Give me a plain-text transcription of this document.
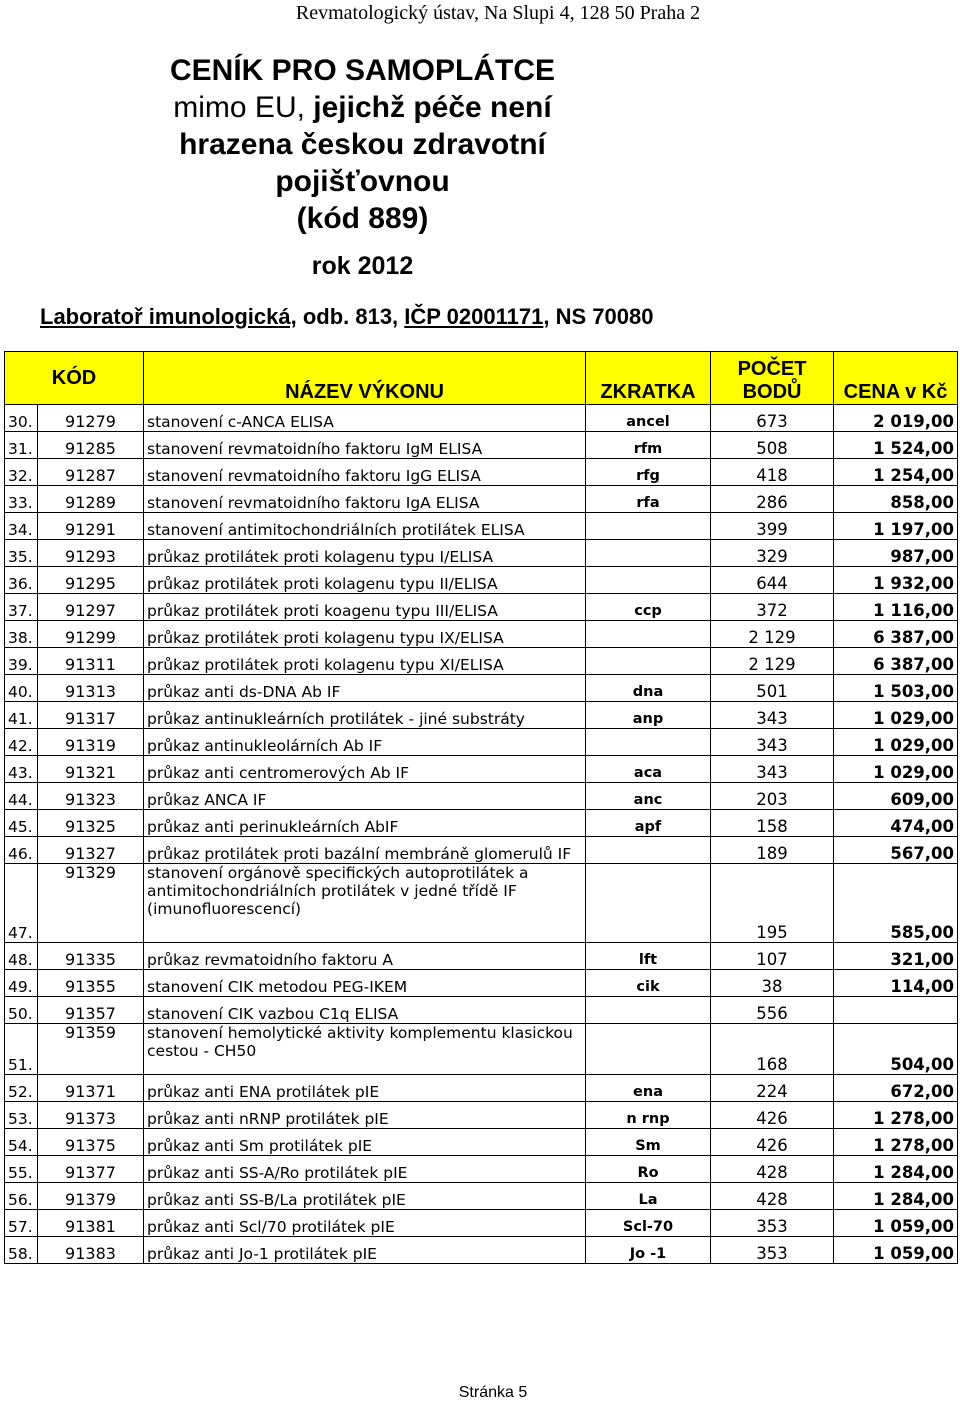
Revmatologický ústav, Na Slupi 4, 128 50 Praha 2
CENÍK PRO SAMOPLÁTCE
mimo EU, jejichž péče není
hrazena českou zdravotní
pojišťovnou
(kód 889)
rok 2012
Laboratoř imunologická, odb. 813, IČP 02001171, NS 70080
KÓD		NÁZEV VÝKONU	ZKRATKA	POČET BODŮ	CENA v Kč
30.	91279	stanovení c-ANCA ELISA	ancel	673	2 019,00
31.	91285	stanovení revmatoidního faktoru IgM ELISA	rfm	508	1 524,00
32.	91287	stanovení revmatoidního faktoru IgG ELISA	rfg	418	1 254,00
33.	91289	stanovení revmatoidního faktoru IgA ELISA	rfa	286	858,00
34.	91291	stanovení antimitochondriálních protilátek ELISA		399	1 197,00
35.	91293	průkaz protilátek proti kolagenu typu I/ELISA		329	987,00
36.	91295	průkaz protilátek proti kolagenu typu II/ELISA		644	1 932,00
37.	91297	průkaz protilátek proti koagenu typu III/ELISA	ccp	372	1 116,00
38.	91299	průkaz protilátek proti kolagenu typu IX/ELISA		2 129	6 387,00
39.	91311	průkaz protilátek proti kolagenu typu XI/ELISA		2 129	6 387,00
40.	91313	průkaz anti ds-DNA Ab IF	dna	501	1 503,00
41.	91317	průkaz antinukleárních protilátek - jiné substráty	anp	343	1 029,00
42.	91319	průkaz antinukleolárních Ab IF		343	1 029,00
43.	91321	průkaz anti centromerových Ab IF	aca	343	1 029,00
44.	91323	průkaz ANCA IF	anc	203	609,00
45.	91325	průkaz anti perinukleárních AbIF	apf	158	474,00
46.	91327	průkaz protilátek proti bazální membráně glomerulů IF		189	567,00
47.	91329	stanovení orgánově specifických autoprotilátek a antimitochondriálních protilátek v jedné třídě IF (imunofluorescencí)		195	585,00
48.	91335	průkaz revmatoidního faktoru A	lft	107	321,00
49.	91355	stanovení CIK metodou PEG-IKEM	cik	38	114,00
50.	91357	stanovení CIK vazbou C1q ELISA		556	
51.	91359	stanovení hemolytické aktivity komplementu klasickou cestou - CH50		168	504,00
52.	91371	průkaz anti ENA protilátek pIE	ena	224	672,00
53.	91373	průkaz anti nRNP protilátek pIE	n rnp	426	1 278,00
54.	91375	průkaz anti Sm protilátek pIE	Sm	426	1 278,00
55.	91377	průkaz anti SS-A/Ro protilátek pIE	Ro	428	1 284,00
56.	91379	průkaz anti SS-B/La protilátek pIE	La	428	1 284,00
57.	91381	průkaz anti Scl/70 protilátek pIE	Scl-70	353	1 059,00
58.	91383	průkaz anti Jo-1 protilátek pIE	Jo -1	353	1 059,00
Stránka 5
